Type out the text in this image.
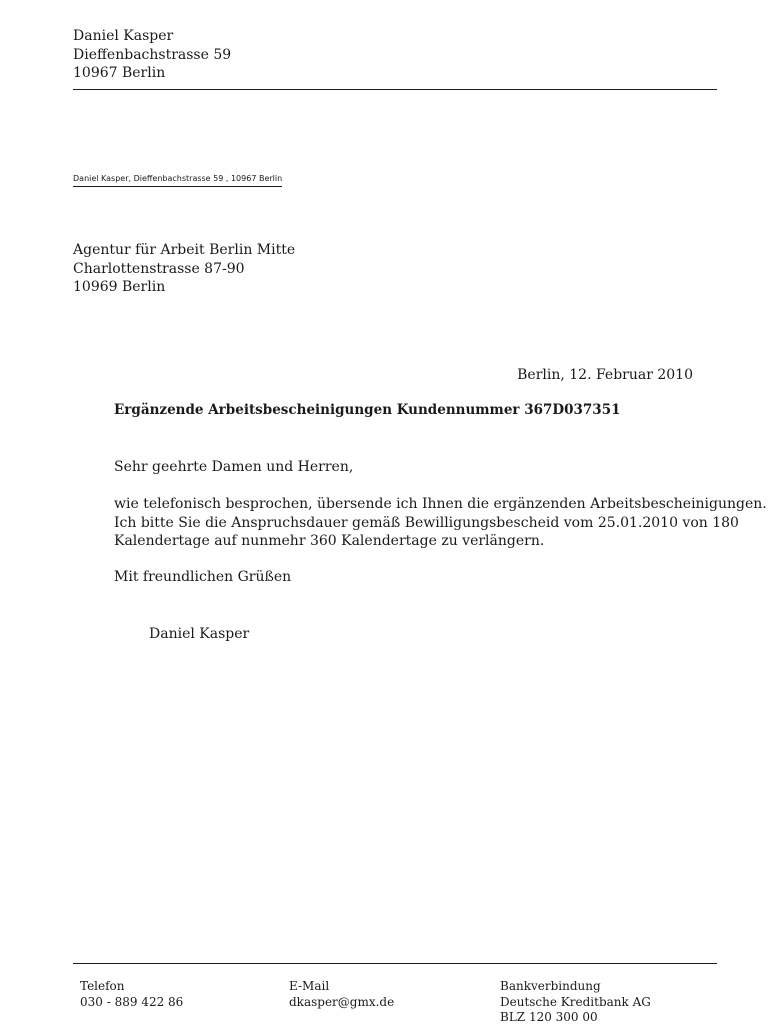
Daniel Kasper
Dieffenbachstrasse 59
10967 Berlin
Daniel Kasper, Dieffenbachstrasse 59 , 10967 Berlin
Agentur für Arbeit Berlin Mitte
Charlottenstrasse 87-90
10969 Berlin
Berlin, 12. Februar 2010
Ergänzende Arbeitsbescheinigungen Kundennummer 367D037351
Sehr geehrte Damen und Herren,
wie telefonisch besprochen, übersende ich Ihnen die ergänzenden Arbeitsbescheinigungen.
Ich bitte Sie die Anspruchsdauer gemäß Bewilligungsbescheid vom 25.01.2010 von 180
Kalendertage auf nunmehr 360 Kalendertage zu verlängern.
Mit freundlichen Grüßen
Daniel Kasper
Telefon
030 - 889 422 86
E-Mail
dkasper@gmx.de
Bankverbindung
Deutsche Kreditbank AG
BLZ 120 300 00
